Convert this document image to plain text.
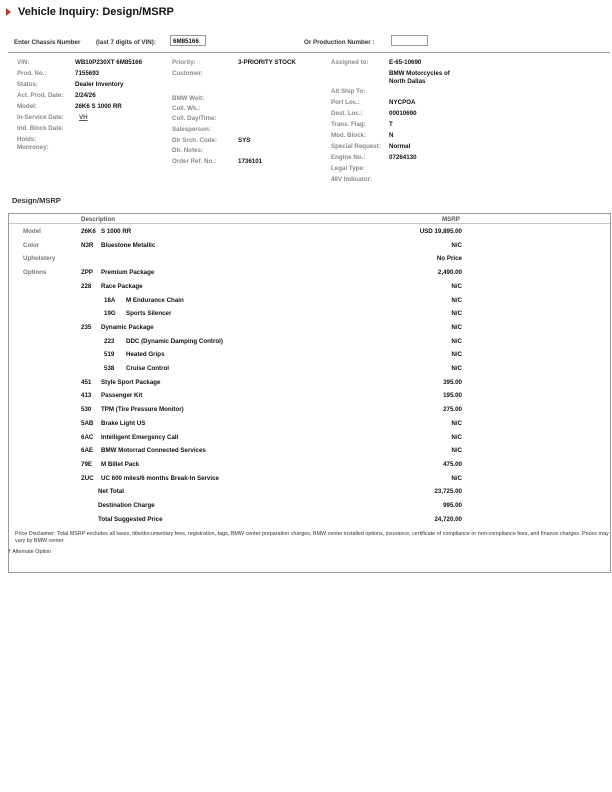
Vehicle Inquiry: Design/MSRP
Enter Chassis Number	(last 7 digits of VIN):	6M85166	Or Production Number :
VIN:	WB10P230XT 6M85166
Prod. No.:	7155693
Status:	Dealer Inventory
Act. Prod. Date: 2/24/26
Model:	26K6 S 1000 RR
In-Service Date: VH
Ind. Block Date:
Holds:
Monroney:
Priority:	3-PRIORITY STOCK
Customer:
BMW Welt:
Coll. Wk.:
Coll. Day/Time:
Salesperson:
Dlr Srch. Code:	SYS
Dlr. Notes:
Order Ref. No.:	1736101
Assigned to:	E-65-10690
BMW Motorcycles of
North Dallas
Alt Ship To:
Port Loc.:	NYCPOA
Dest. Loc.:	00010690
Trans. Flag:	T
Mod. Block:	N
Special Request: Normal
Engine No.:	07264130
Legal Type:
48V Indicator:
Design/MSRP
Description	MSRP
Price Disclaimer: Total MSRP excludes all taxes, title/documentary fees, registration, tags, BMW center preparation charges, BMW center installed options, insurance, certificate of compliance or non-compliance fees, and finance charges. Prices may vary by BMW center.
Model	26K6 S 1000 RR	USD 19,895.00
Color	N3R Bluestone Metallic	N/C
Upholstery	No Price
Options	ZPP Premium Package	2,490.00
228 Race Package	N/C
18A M Endurance Chain	N/C
19G Sports Silencer	N/C
235 Dynamic Package	N/C
223 DDC (Dynamic Damping Control)	N/C
519 Heated Grips	N/C
538 Cruise Control	N/C
451 Style Sport Package	395.00
413 Passenger Kit	195.00
530 TPM (Tire Pressure Monitor)	275.00
5AB Brake Light US	N/C
6AC Intelligent Emergency Call	N/C
6AE BMW Motorrad Connected Services	N/C
79E M Billet Pack	475.00
ZUC UC 600 miles/6 months Break-In Service	N/C
Net Total	23,725.00
Destination Charge	995.00
Total Suggested Price	24,720.00
† Alternate Option
